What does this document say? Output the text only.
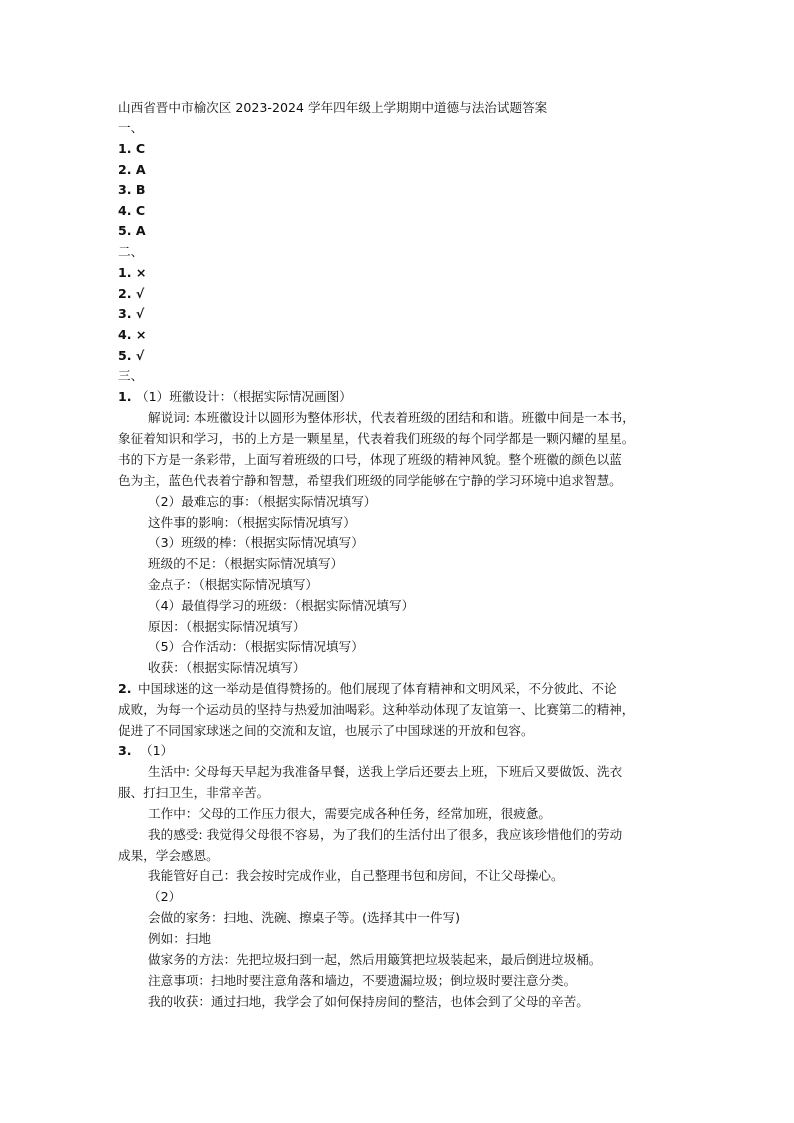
山西省晋中市榆次区 2023-2024 学年四年级上学期期中道德与法治试题答案
一、
1. C
2. A
3. B
4. C
5. A
二、
1. ×
2. √
3. √
4. ×
5. √
三、
1. （1）班徽设计：（根据实际情况画图）
解说词: 本班徽设计以圆形为整体形状，代表着班级的团结和和谐。班徽中间是一本书，
象征着知识和学习，书的上方是一颗星星，代表着我们班级的每个同学都是一颗闪耀的星星。
书的下方是一条彩带，上面写着班级的口号，体现了班级的精神风貌。整个班徽的颜色以蓝
色为主，蓝色代表着宁静和智慧，希望我们班级的同学能够在宁静的学习环境中追求智慧。
（2）最难忘的事：（根据实际情况填写）
这件事的影响：（根据实际情况填写）
（3）班级的棒：（根据实际情况填写）
班级的不足：（根据实际情况填写）
金点子：（根据实际情况填写）
（4）最值得学习的班级：（根据实际情况填写）
原因：（根据实际情况填写）
（5）合作活动：（根据实际情况填写）
收获：（根据实际情况填写）
2. 中国球迷的这一举动是值得赞扬的。他们展现了体育精神和文明风采，不分彼此、不论
成败，为每一个运动员的坚持与热爱加油喝彩。这种举动体现了友谊第一、比赛第二的精神，
促进了不同国家球迷之间的交流和友谊，也展示了中国球迷的开放和包容。
3. （1）
生活中: 父母每天早起为我准备早餐，送我上学后还要去上班，下班后又要做饭、洗衣
服、打扫卫生，非常辛苦。
工作中：父母的工作压力很大，需要完成各种任务，经常加班，很疲惫。
我的感受: 我觉得父母很不容易，为了我们的生活付出了很多，我应该珍惜他们的劳动
成果，学会感恩。
我能管好自己：我会按时完成作业，自己整理书包和房间，不让父母操心。
（2）
会做的家务：扫地、洗碗、擦桌子等。(选择其中一件写)
例如：扫地
做家务的方法：先把垃圾扫到一起，然后用簸箕把垃圾装起来，最后倒进垃圾桶。
注意事项：扫地时要注意角落和墙边，不要遗漏垃圾；倒垃圾时要注意分类。
我的收获：通过扫地，我学会了如何保持房间的整洁，也体会到了父母的辛苦。
